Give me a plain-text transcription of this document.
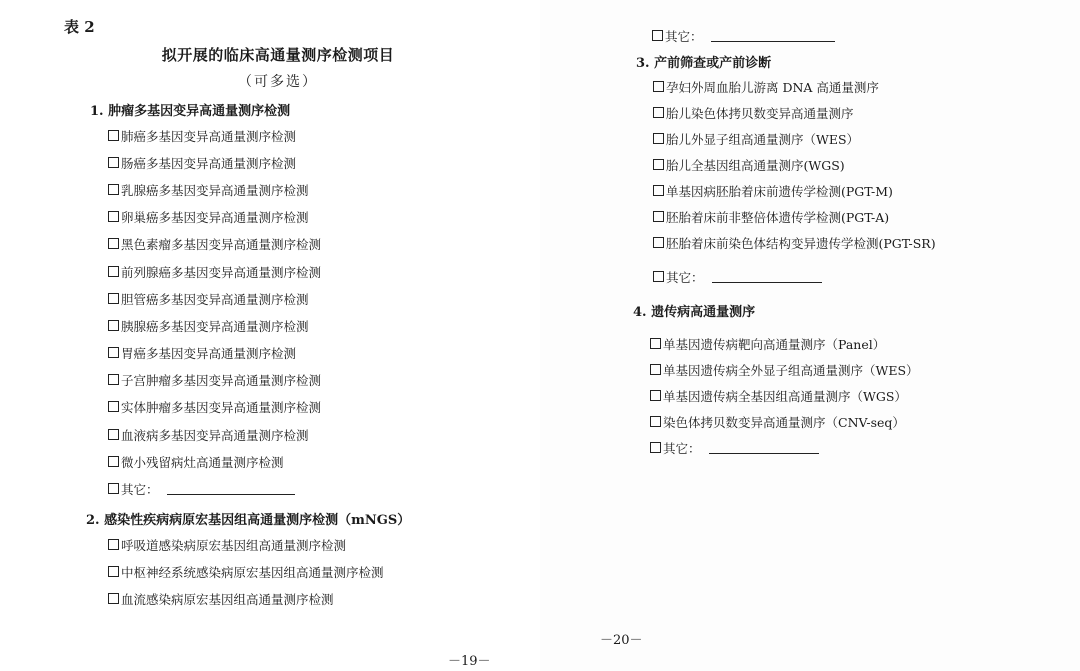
表 2
拟开展的临床高通量测序检测项目
（可多选）
1. 肿瘤多基因变异高通量测序检测
肺癌多基因变异高通量测序检测
肠癌多基因变异高通量测序检测
乳腺癌多基因变异高通量测序检测
卵巢癌多基因变异高通量测序检测
黑色素瘤多基因变异高通量测序检测
前列腺癌多基因变异高通量测序检测
胆管癌多基因变异高通量测序检测
胰腺癌多基因变异高通量测序检测
胃癌多基因变异高通量测序检测
子宫肿瘤多基因变异高通量测序检测
实体肿瘤多基因变异高通量测序检测
血液病多基因变异高通量测序检测
微小残留病灶高通量测序检测
其它：
2. 感染性疾病病原宏基因组高通量测序检测（mNGS）
呼吸道感染病原宏基因组高通量测序检测
中枢神经系统感染病原宏基因组高通量测序检测
血流感染病原宏基因组高通量测序检测
－19－
其它：
3. 产前筛查或产前诊断
孕妇外周血胎儿游离 DNA 高通量测序
胎儿染色体拷贝数变异高通量测序
胎儿外显子组高通量测序（WES）
胎儿全基因组高通量测序(WGS)
单基因病胚胎着床前遗传学检测(PGT-M)
胚胎着床前非整倍体遗传学检测(PGT-A)
胚胎着床前染色体结构变异遗传学检测(PGT-SR)
其它：
4. 遗传病高通量测序
单基因遗传病靶向高通量测序（Panel）
单基因遗传病全外显子组高通量测序（WES）
单基因遗传病全基因组高通量测序（WGS）
染色体拷贝数变异高通量测序（CNV-seq）
其它：
－20－
